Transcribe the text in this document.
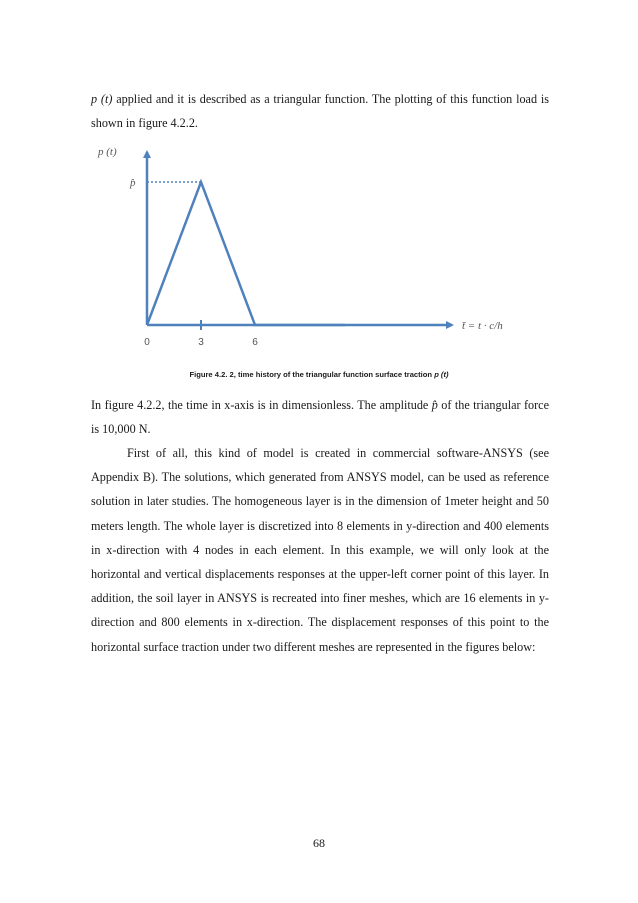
p (t) applied and it is described as a triangular function. The plotting of this function load is shown in figure 4.2.2.

p (t)
p̂
0	3	6
t̄ = t · c/h
Figure 4.2. 2, time history of the triangular function surface traction p (t)

In figure 4.2.2, the time in x-axis is in dimensionless. The amplitude p̂ of the triangular force is 10,000 N.

First of all, this kind of model is created in commercial software-ANSYS (see Appendix B). The solutions, which generated from ANSYS model, can be used as reference solution in later studies. The homogeneous layer is in the dimension of 1meter height and 50 meters length. The whole layer is discretized into 8 elements in y-direction and 400 elements in x-direction with 4 nodes in each element. In this example, we will only look at the horizontal and vertical displacements responses at the upper-left corner point of this layer. In addition, the soil layer in ANSYS is recreated into finer meshes, which are 16 elements in y- direction and 800 elements in x-direction. The displacement responses of this point to the horizontal surface traction under two different meshes are represented in the figures below:

68
